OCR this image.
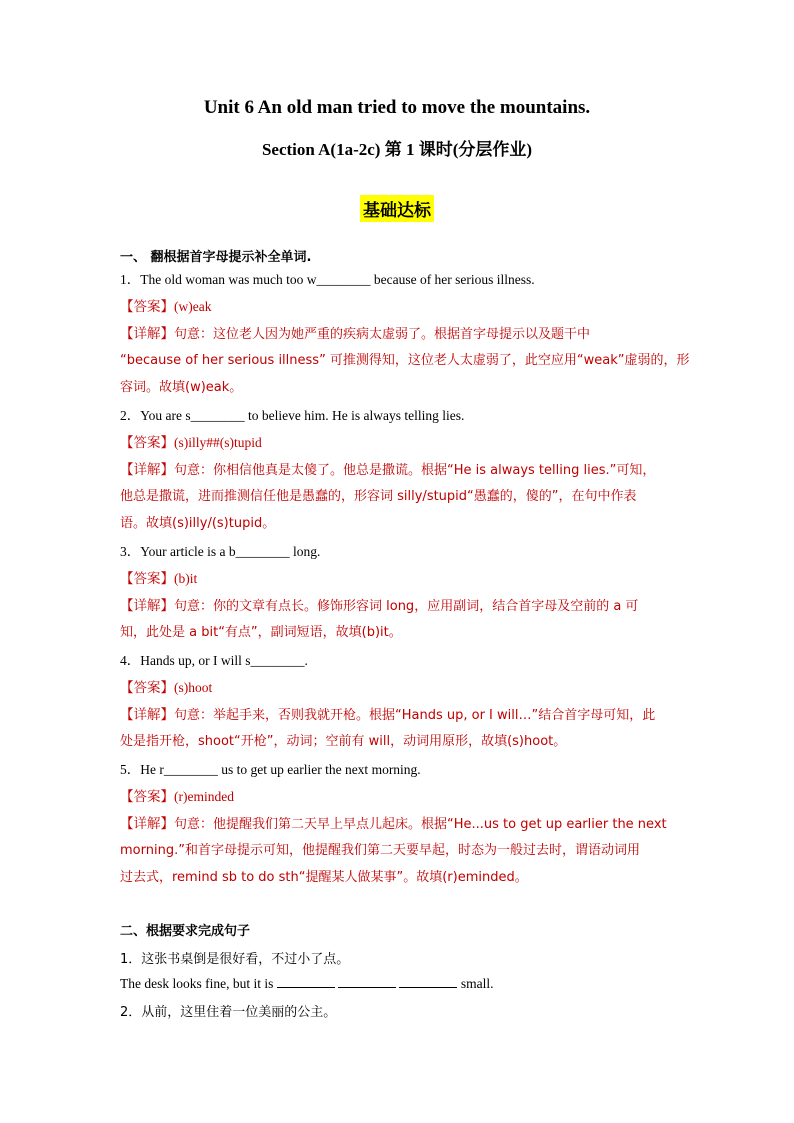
Unit 6 An old man tried to move the mountains.
Section A(1a-2c) 第 1 课时(分层作业)
基础达标
一、 翻根据首字母提示补全单词.
1．The old woman was much too w________ because of her serious illness.
【答案】(w)eak
【详解】句意：这位老人因为她严重的疾病太虚弱了。根据首字母提示以及题干中
“because of her serious illness” 可推测得知，这位老人太虚弱了，此空应用“weak”虚弱的，形
容词。故填(w)eak。
2．You are s________ to believe him. He is always telling lies.
【答案】(s)illy##(s)tupid
【详解】句意：你相信他真是太傻了。他总是撒谎。根据“He is always telling lies.”可知，
他总是撒谎，进而推测信任他是愚蠢的，形容词 silly/stupid“愚蠢的，傻的”，在句中作表
语。故填(s)illy/(s)tupid。
3．Your article is a b________ long.
【答案】(b)it
【详解】句意：你的文章有点长。修饰形容词 long，应用副词，结合首字母及空前的 a 可
知，此处是 a bit“有点”，副词短语，故填(b)it。
4．Hands up, or I will s________.
【答案】(s)hoot
【详解】句意：举起手来，否则我就开枪。根据“Hands up, or I will…”结合首字母可知，此
处是指开枪，shoot“开枪”，动词；空前有 will，动词用原形，故填(s)hoot。
5．He r________ us to get up earlier the next morning.
【答案】(r)eminded
【详解】句意：他提醒我们第二天早上早点儿起床。根据“He...us to get up earlier the next
morning.”和首字母提示可知，他提醒我们第二天要早起，时态为一般过去时，谓语动词用
过去式，remind sb to do sth“提醒某人做某事”。故填(r)eminded。
二、根据要求完成句子
1．这张书桌倒是很好看，不过小了点。
The desk looks fine, but it is	small.
2．从前，这里住着一位美丽的公主。
